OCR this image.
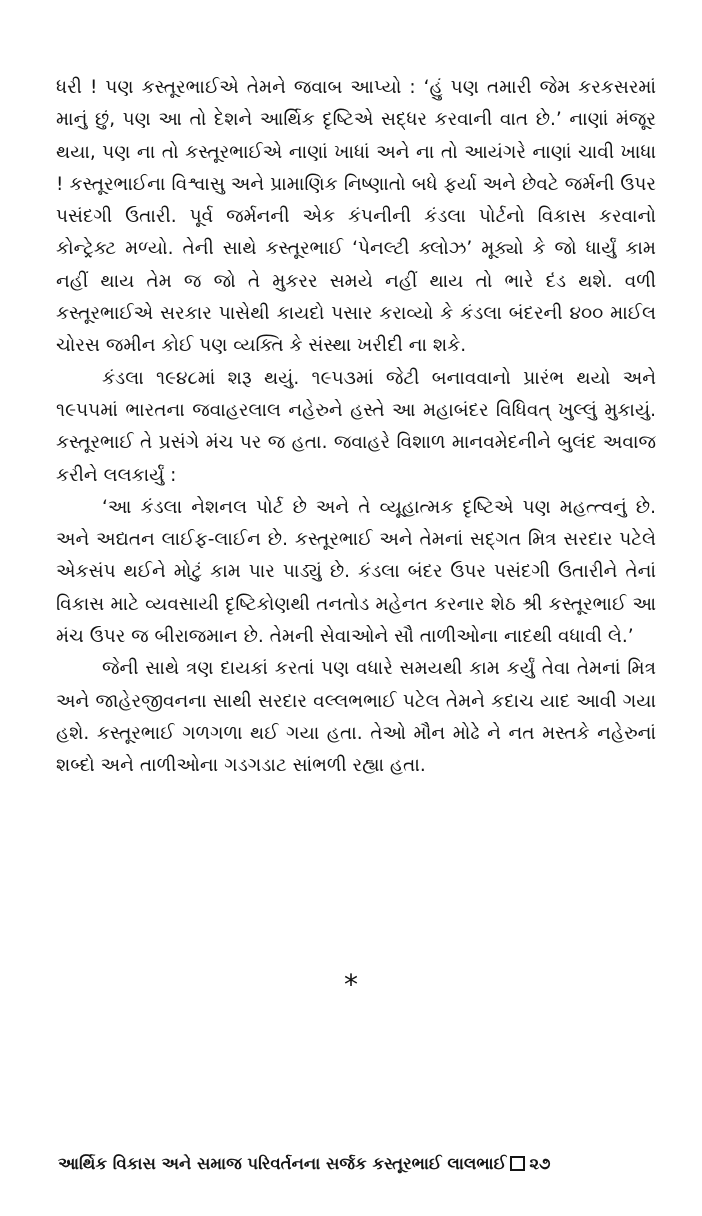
ધરી ! પણ કસ્તૂરભાઈએ તેમને જવાબ આપ્યો : ‘હું પણ તમારી જેમ કરકસરમાં માનું છું, પણ આ તો દેશને આર્થિક દૃષ્ટિએ સદ્ધર કરવાની વાત છે.’ નાણાં મંજૂર થયા, પણ ના તો કસ્તૂરભાઈએ નાણાં ખાધાં અને ના તો આયંગરે નાણાં ચાવી ખાધા ! કસ્તૂરભાઈના વિશ્વાસુ અને પ્રામાણિક નિષ્ણાતો બધે ફર્યા અને છેવટે જર્મની ઉપર પસંદગી ઉતારી. પૂર્વ જર્મનની એક કંપનીની કંડલા પોર્ટનો વિકાસ કરવાનો કોન્ટ્રેક્ટ મળ્યો. તેની સાથે કસ્તૂરભાઈ ‘પેનલ્ટી ક્લોઝ’ મૂક્યો કે જો ધાર્યું કામ નહીં થાય તેમ જ જો તે મુકરર સમયે નહીં થાય તો ભારે દંડ થશે. વળી કસ્તૂરભાઈએ સરકાર પાસેથી કાયદો પસાર કરાવ્યો કે કંડલા બંદરની ૪૦૦ માઈલ ચોરસ જમીન કોઈ પણ વ્યક્તિ કે સંસ્થા ખરીદી ના શકે.

કંડલા ૧૯૪૮માં શરૂ થયું. ૧૯૫૩માં જેટી બનાવવાનો પ્રારંભ થયો અને ૧૯૫૫માં ભારતના જવાહરલાલ નહેરુને હસ્તે આ મહાબંદર વિધિવત્ ખુલ્લું મુકાયું. કસ્તૂરભાઈ તે પ્રસંગે મંચ પર જ હતા. જવાહરે વિશાળ માનવમેદનીને બુલંદ અવાજ કરીને લલકાર્યું :

‘આ કંડલા નેશનલ પોર્ટ છે અને તે વ્યૂહાત્મક દૃષ્ટિએ પણ મહત્ત્વનું છે. અને અદ્યતન લાઈફ-લાઈન છે. કસ્તૂરભાઈ અને તેમનાં સદ્ગત મિત્ર સરદાર પટેલે એકસંપ થઈને મોટું કામ પાર પાડ્યું છે. કંડલા બંદર ઉપર પસંદગી ઉતારીને તેનાં વિકાસ માટે વ્યવસાયી દૃષ્ટિકોણથી તનતોડ મહેનત કરનાર શેઠ શ્રી કસ્તૂરભાઈ આ મંચ ઉપર જ બીરાજમાન છે. તેમની સેવાઓને સૌ તાળીઓના નાદથી વધાવી લે.’

જેની સાથે ત્રણ દાયકાં કરતાં પણ વધારે સમયથી કામ કર્યું તેવા તેમનાં મિત્ર અને જાહેરજીવનના સાથી સરદાર વલ્લભભાઈ પટેલ તેમને કદાચ યાદ આવી ગયા હશે. કસ્તૂરભાઈ ગળગળા થઈ ગયા હતા. તેઓ મૌન મોઢે ને નત મસ્તકે નહેરુનાં શબ્દો અને તાળીઓના ગડગડાટ સાંભળી રહ્યા હતા.

*
આર્થિક વિકાસ અને સમાજ પરિવર્તનના સર્જક કસ્તૂરભાઈ લાલભાઈ ૨૭
